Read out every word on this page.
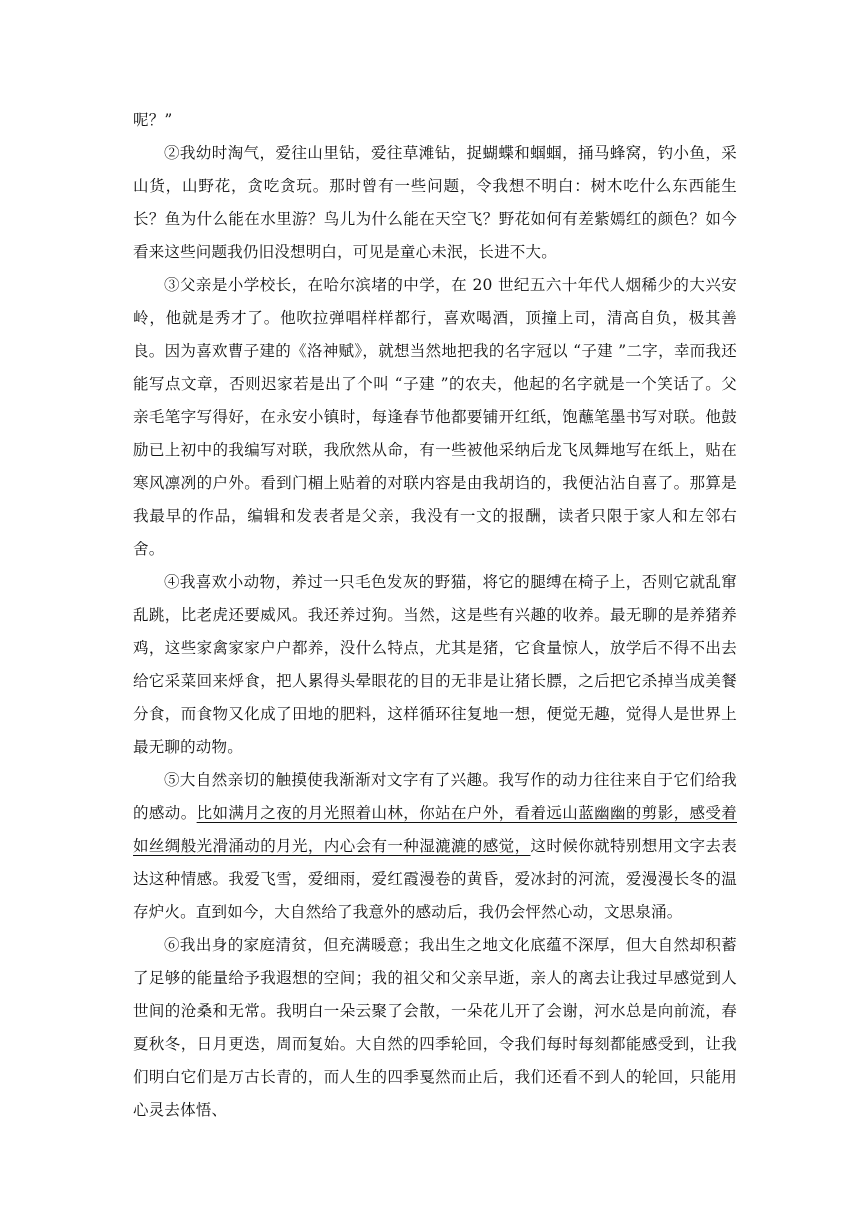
呢？”

②我幼时淘气，爱往山里钻，爱往草滩钻，捉蝴蝶和蝈蝈，捅马蜂窝，钓小鱼，采山货，山野花，贪吃贪玩。那时曾有一些问题，令我想不明白：树木吃什么东西能生长？鱼为什么能在水里游？鸟儿为什么能在天空飞？野花如何有差紫嫣红的颜色？如今看来这些问题我仍旧没想明白，可见是童心未泯，长进不大。

③父亲是小学校长，在哈尔滨堵的中学，在 20 世纪五六十年代人烟稀少的大兴安岭，他就是秀才了。他吹拉弹唱样样都行，喜欢喝酒，顶撞上司，清高自负，极其善良。因为喜欢曹子建的《洛神赋》，就想当然地把我的名字冠以 “子建 ”二字，幸而我还能写点文章，否则迟家若是出了个叫 “子建 ”的农夫，他起的名字就是一个笑话了。父亲毛笔字写得好，在永安小镇时，每逢春节他都要铺开红纸，饱蘸笔墨书写对联。他鼓励已上初中的我编写对联，我欣然从命，有一些被他采纳后龙飞凤舞地写在纸上，贴在寒风凛冽的户外。看到门楣上贴着的对联内容是由我胡诌的，我便沾沾自喜了。那算是我最早的作品，编辑和发表者是父亲，我没有一文的报酬，读者只限于家人和左邻右舍。

④我喜欢小动物，养过一只毛色发灰的野猫，将它的腿缚在椅子上，否则它就乱窜乱跳，比老虎还要威风。我还养过狗。当然，这是些有兴趣的收养。最无聊的是养猪养鸡，这些家禽家家户户都养，没什么特点，尤其是猪，它食量惊人，放学后不得不出去给它采菜回来烀食，把人累得头晕眼花的目的无非是让猪长膘，之后把它杀掉当成美餐分食，而食物又化成了田地的肥料，这样循环往复地一想，便觉无趣，觉得人是世界上最无聊的动物。

⑤大自然亲切的触摸使我渐渐对文字有了兴趣。我写作的动力往往来自于它们给我的感动。比如满月之夜的月光照着山林，你站在户外，看着远山蓝幽幽的剪影，感受着如丝绸般光滑涌动的月光，内心会有一种湿漉漉的感觉，这时候你就特别想用文字去表达这种情感。我爱飞雪，爱细雨，爱红霞漫卷的黄昏，爱冰封的河流，爱漫漫长冬的温存炉火。直到如今，大自然给了我意外的感动后，我仍会怦然心动，文思泉涌。

⑥我出身的家庭清贫，但充满暖意；我出生之地文化底蕴不深厚，但大自然却积蓄了足够的能量给予我遐想的空间；我的祖父和父亲早逝，亲人的离去让我过早感觉到人世间的沧桑和无常。我明白一朵云聚了会散，一朵花儿开了会谢，河水总是向前流，春夏秋冬，日月更迭，周而复始。大自然的四季轮回，令我们每时每刻都能感受到，让我们明白它们是万古长青的，而人生的四季戛然而止后，我们还看不到人的轮回，只能用心灵去体悟、
